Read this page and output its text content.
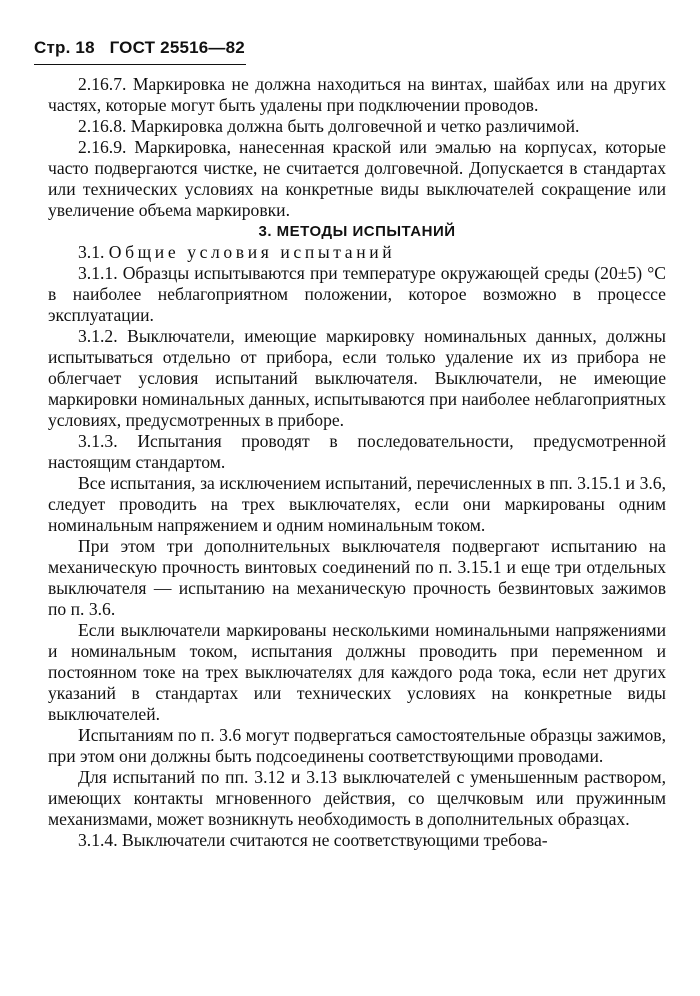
Стр. 18 ГОСТ 25516—82

2.16.7. Маркировка не должна находиться на винтах, шайбах или на других частях, которые могут быть удалены при подключении проводов.

2.16.8. Маркировка должна быть долговечной и четко различимой.

2.16.9. Маркировка, нанесенная краской или эмалью на корпусах, которые часто подвергаются чистке, не считается долговечной. Допускается в стандартах или технических условиях на конкретные виды выключателей сокращение или увеличение объема маркировки.

3. МЕТОДЫ ИСПЫТАНИЙ

3.1. Общие условия испытаний

3.1.1. Образцы испытываются при температуре окружающей среды (20±5) °С в наиболее неблагоприятном положении, которое возможно в процессе эксплуатации.

3.1.2. Выключатели, имеющие маркировку номинальных данных, должны испытываться отдельно от прибора, если только удаление их из прибора не облегчает условия испытаний выключателя. Выключатели, не имеющие маркировки номинальных данных, испытываются при наиболее неблагоприятных условиях, предусмотренных в приборе.

3.1.3. Испытания проводят в последовательности, предусмотренной настоящим стандартом.

Все испытания, за исключением испытаний, перечисленных в пп. 3.15.1 и 3.6, следует проводить на трех выключателях, если они маркированы одним номинальным напряжением и одним номинальным током.

При этом три дополнительных выключателя подвергают испытанию на механическую прочность винтовых соединений по п. 3.15.1 и еще три отдельных выключателя — испытанию на механическую прочность безвинтовых зажимов по п. 3.6.

Если выключатели маркированы несколькими номинальными напряжениями и номинальным током, испытания должны проводить при переменном и постоянном токе на трех выключателях для каждого рода тока, если нет других указаний в стандартах или технических условиях на конкретные виды выключателей.

Испытаниям по п. 3.6 могут подвергаться самостоятельные образцы зажимов, при этом они должны быть подсоединены соответствующими проводами.

Для испытаний по пп. 3.12 и 3.13 выключателей с уменьшенным раствором, имеющих контакты мгновенного действия, со щелчковым или пружинным механизмами, может возникнуть необходимость в дополнительных образцах.

3.1.4. Выключатели считаются не соответствующими требова-
